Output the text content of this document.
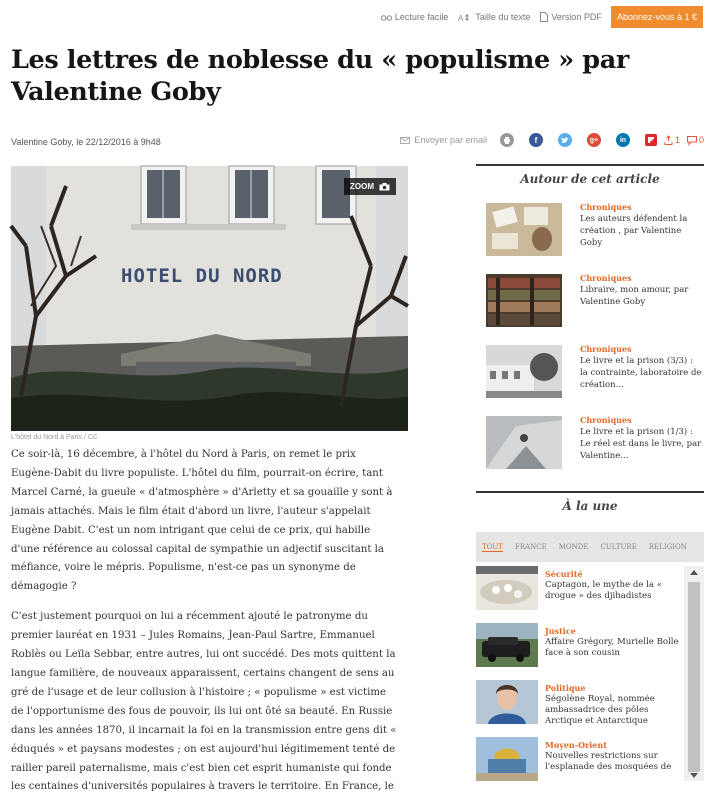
Lecture facile A Taille du texte Version PDF	Abonnez-vous à 1 €
Les lettres de noblesse du « populisme » par Valentine Goby
Valentine Goby, le 22/12/2016 à 9h48	Envoyer par email	f	g+	in	1 0
HOTEL DU NORD
ZOOM
L'hôtel du Nord à Paris / CC

Ce soir-là, 16 décembre, à l'hôtel du Nord à Paris, on remet le prix Eugène-Dabit du livre populiste. L'hôtel du film, pourrait-on écrire, tant Marcel Carné, la gueule « d'atmosphère » d'Arletty et sa gouaille y sont à jamais attachés. Mais le film était d'abord un livre, l'auteur s'appelait Eugène Dabit. C'est un nom intrigant que celui de ce prix, qui habille d'une référence au colossal capital de sympathie un adjectif suscitant la méfiance, voire le mépris. Populisme, n'est-ce pas un synonyme de démagogie ?

C'est justement pourquoi on lui a récemment ajouté le patronyme du premier lauréat en 1931 – Jules Romains, Jean-Paul Sartre, Emmanuel Roblès ou Leïla Sebbar, entre autres, lui ont succédé. Des mots quittent la langue familière, de nouveaux apparaissent, certains changent de sens au gré de l'usage et de leur collusion à l'histoire ; « populisme » est victime de l'opportunisme des fous de pouvoir, ils lui ont ôté sa beauté. En Russie dans les années 1870, il incarnait la foi en la transmission entre gens dit « éduqués » et paysans modestes ; on est aujourd'hui légitimement tenté de railler pareil paternalisme, mais c'est bien cet esprit humaniste qui fonde les centaines d'universités populaires à travers le territoire. En France, le

Autour de cet article
Chroniques
Les auteurs défendent la création , par Valentine Goby
Chroniques
Libraire, mon amour, par Valentine Goby
Chroniques
Le livre et la prison (3/3) : la contrainte, laboratoire de création...
Chroniques
Le livre et la prison (1/3) : Le réel est dans le livre, par Valentine...
À la une
TOUT FRANCE MONDE CULTURE RELIGION
Sécurité
Captagon, le mythe de la « drogue » des djihadistes
Justice
Affaire Grégory, Murielle Bolle face à son cousin
Politique
Ségolène Royal, nommée ambassadrice des pôles Arctique et Antarctique
Moyen-Orient
Nouvelles restrictions sur l'esplanade des mosquées de
